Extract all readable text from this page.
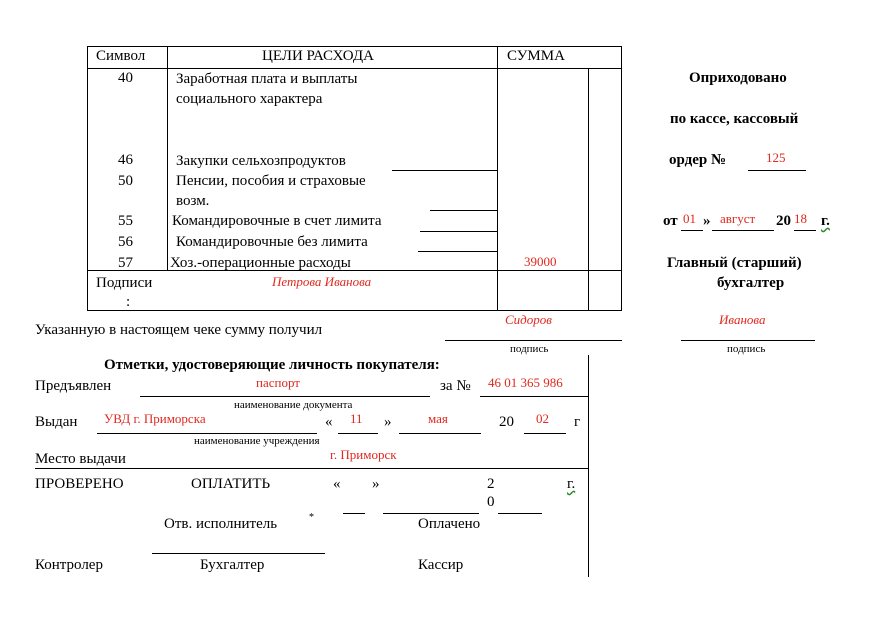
Символ	ЦЕЛИ РАСХОДА	СУММА
40	Заработная плата и выплаты
социального характера
46	Закупки сельхозпродуктов
50	Пенсии, пособия и страховые
возм.
55	Командировочные в счет лимита
56	Командировочные без лимита
57 Хоз.-операционные расходы	39000
Подписи
:
Петрова Иванова
Оприходовано
по кассе, кассовый
ордер №	125
от 01 » август 20 18 г.
Главный (старший)
бухгалтер
Иванова
подпись
Указанную в настоящем чеке сумму получил
Сидоров
подпись
Отметки, удостоверяющие личность покупателя:
Предъявлен	паспорт	за № 46 01 365 986
наименование документа
Выдан УВД г. Приморска	« 11 »	мая	20 02 г
наименование учреждения
Место выдачи	г. Приморск
ПРОВЕРЕНО	ОПЛАТИТЬ	« »	2
0
г.
Отв. исполнитель	*	Оплачено
Контролер	Бухгалтер	Кассир
